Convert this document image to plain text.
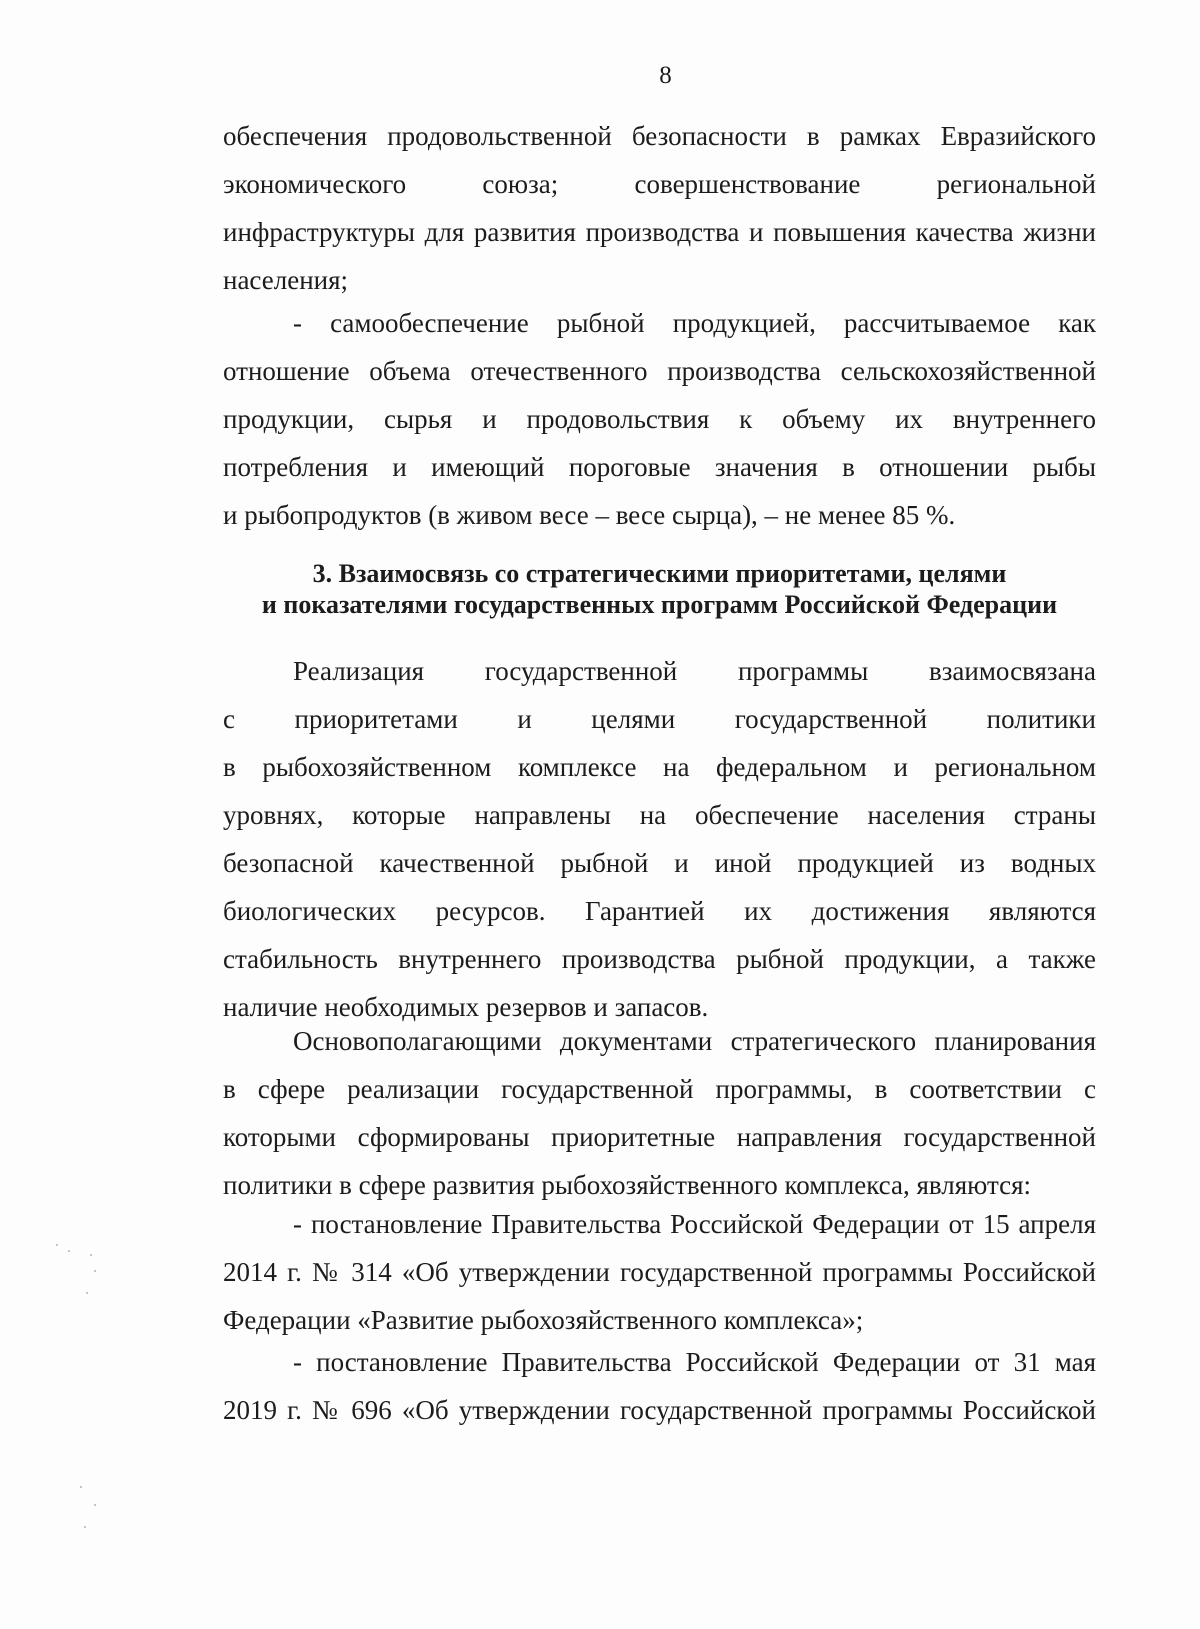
8
обеспечения продовольственной безопасности в рамках Евразийского
экономического союза; совершенствование региональной
инфраструктуры для развития производства и повышения качества жизни
населения;
- самообеспечение рыбной продукцией, рассчитываемое как
отношение объема отечественного производства сельскохозяйственной
продукции, сырья и продовольствия к объему их внутреннего
потребления и имеющий пороговые значения в отношении рыбы
и рыбопродуктов (в живом весе – весе сырца), – не менее 85 %.
3. Взаимосвязь со стратегическими приоритетами, целями
и показателями государственных программ Российской Федерации
Реализация государственной программы взаимосвязана
с приоритетами и целями государственной политики
в рыбохозяйственном комплексе на федеральном и региональном
уровнях, которые направлены на обеспечение населения страны
безопасной качественной рыбной и иной продукцией из водных
биологических ресурсов. Гарантией их достижения являются
стабильность внутреннего производства рыбной продукции, а также
наличие необходимых резервов и запасов.
Основополагающими документами стратегического планирования
в сфере реализации государственной программы, в соответствии с
которыми сформированы приоритетные направления государственной
политики в сфере развития рыбохозяйственного комплекса, являются:
- постановление Правительства Российской Федерации от 15 апреля
2014 г. № 314 «Об утверждении государственной программы Российской
Федерации «Развитие рыбохозяйственного комплекса»;
- постановление Правительства Российской Федерации от 31 мая
2019 г. № 696 «Об утверждении государственной программы Российской
